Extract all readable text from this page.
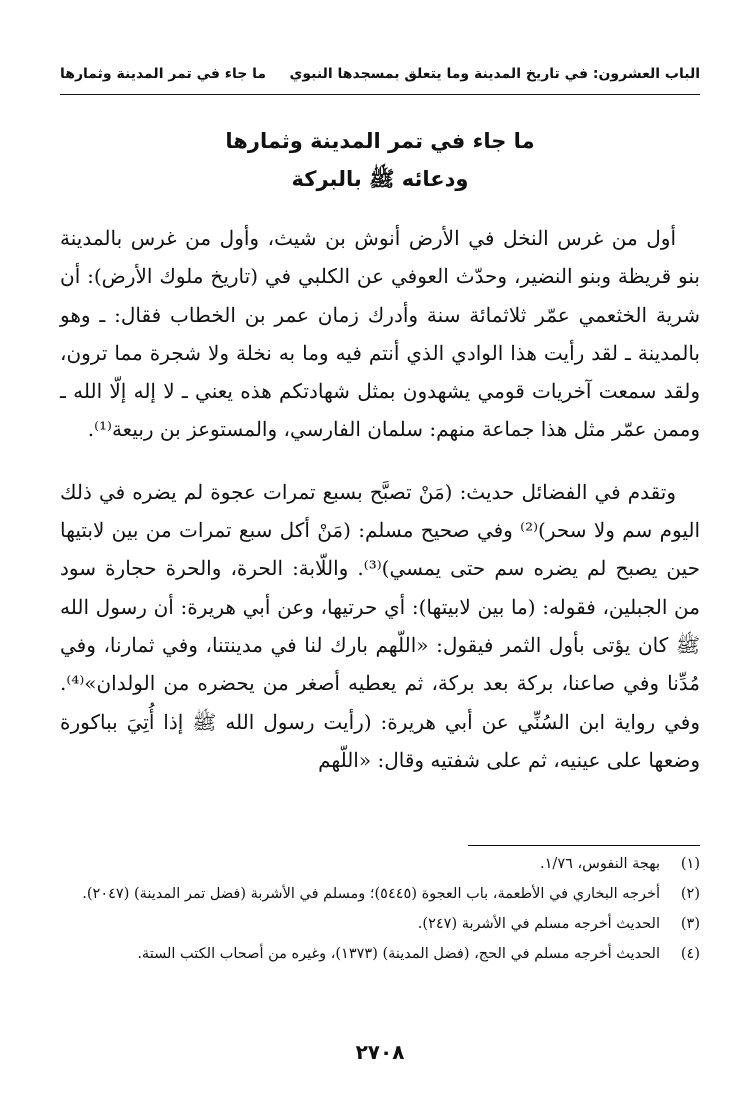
الباب العشرون: في تاريخ المدينة وما يتعلق بمسجدها النبوي
ما جاء في تمر المدينة وثمارها
ما جاء في تمر المدينة وثمارها
ودعائه ﷺ بالبركة

أول من غرس النخل في الأرض أنوش بن شيث، وأول من غرس بالمدينة بنو قريظة وبنو النضير، وحدّث العوفي عن الكلبي في (تاريخ ملوك الأرض): أن شرية الخثعمي عمّر ثلاثمائة سنة وأدرك زمان عمر بن الخطاب فقال: ـ وهو بالمدينة ـ لقد رأيت هذا الوادي الذي أنتم فيه وما به نخلة ولا شجرة مما ترون، ولقد سمعت آخريات قومي يشهدون بمثل شهادتكم هذه يعني ـ لا إله إلّا الله ـ وممن عمّر مثل هذا جماعة منهم: سلمان الفارسي، والمستوعز بن ربيعة⁽¹⁾.

وتقدم في الفضائل حديث: (مَنْ تصبَّح بسبع تمرات عجوة لم يضره في ذلك اليوم سم ولا سحر)⁽²⁾ وفي صحيح مسلم: (مَنْ أكل سبع تمرات من بين لابتيها حين يصبح لم يضره سم حتى يمسي)⁽³⁾. واللّابة: الحرة، والحرة حجارة سود من الجبلين، فقوله: (ما بين لابيتها): أي حرتيها، وعن أبي هريرة: أن رسول الله ﷺ كان يؤتى بأول الثمر فيقول: «اللّهم بارك لنا في مدينتنا، وفي ثمارنا، وفي مُدِّنا وفي صاعنا، بركة بعد بركة، ثم يعطيه أصغر من يحضره من الولدان»⁽⁴⁾. وفي رواية ابن السُنِّي عن أبي هريرة: (رأيت رسول الله ﷺ إذا أُتِيَ بباكورة وضعها على عينيه، ثم على شفتيه وقال: «اللّهم

(١)
بهجة النفوس، ١/٧٦.
(٢)
أخرجه البخاري في الأطعمة، باب العجوة (٥٤٤٥)؛ ومسلم في الأشربة (فضل تمر المدينة) (٢٠٤٧).
(٣)
الحديث أخرجه مسلم في الأشربة (٢٤٧).
(٤)
الحديث أخرجه مسلم في الحج، (فضل المدينة) (١٣٧٣)، وغيره من أصحاب الكتب الستة.
٢٧٠٨
